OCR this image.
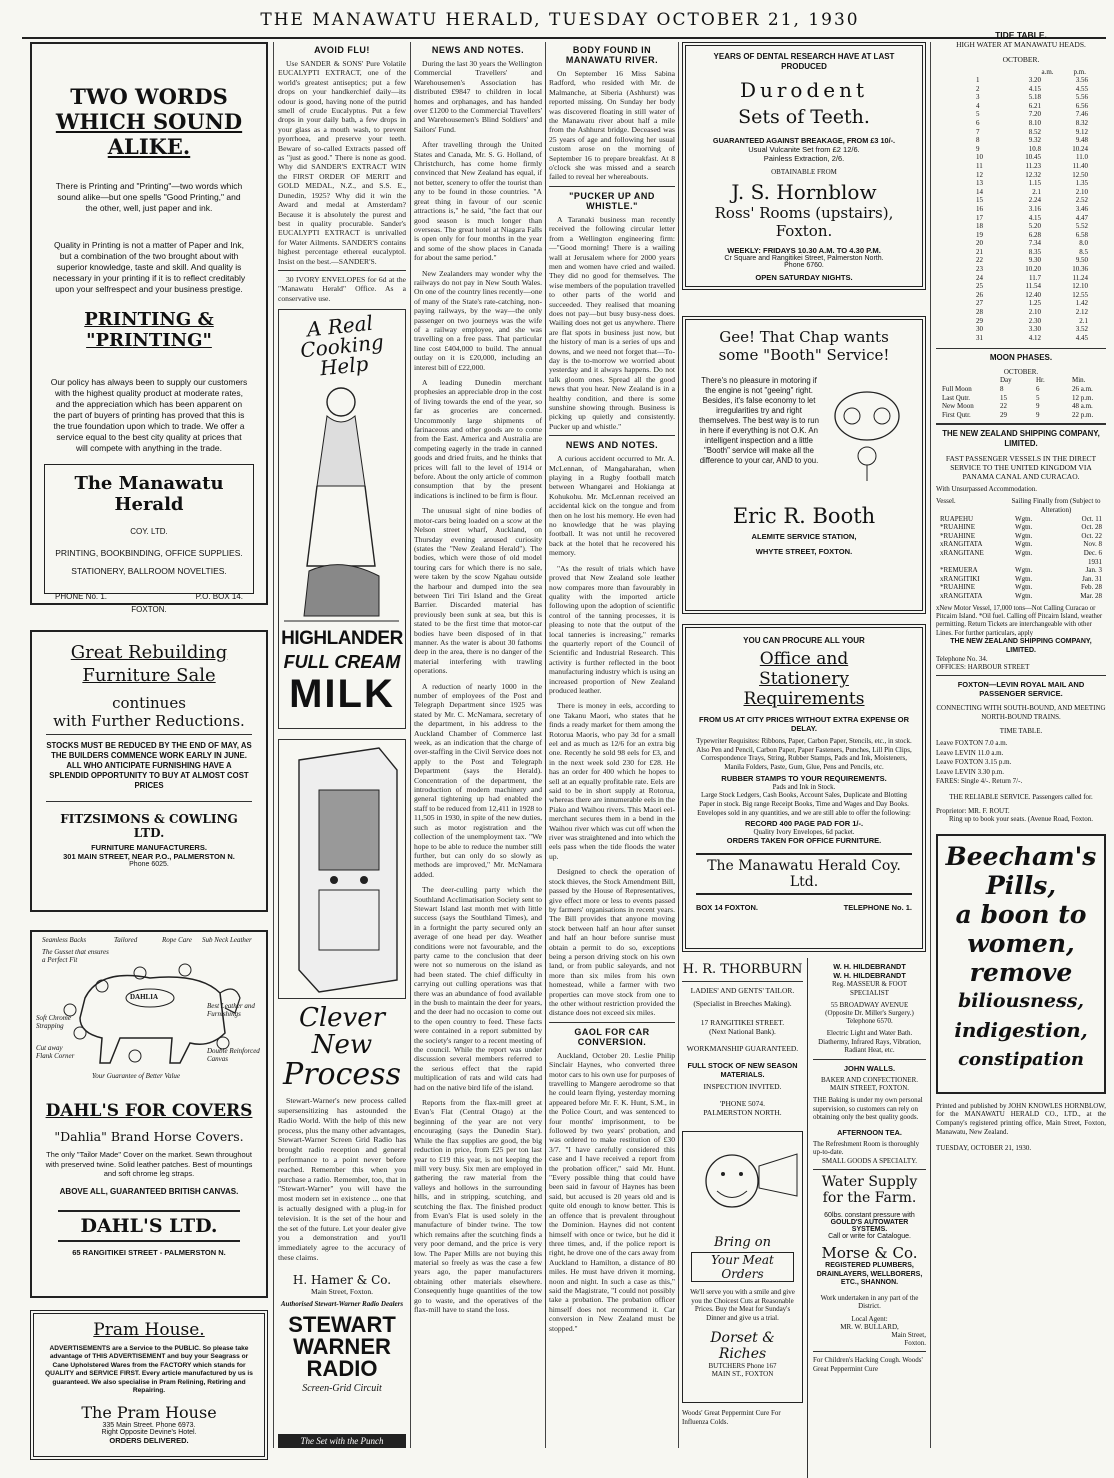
THE MANAWATU HERALD, TUESDAY OCTOBER 21, 1930
TWO WORDS
WHICH SOUND ALIKE.
There is Printing and "Printing"—two words which sound alike—but one spells "Good Printing," and the other, well, just paper and ink.
Quality in Printing is not a matter of Paper and Ink, but a combination of the two brought about with superior knowledge, taste and skill. And quality is necessary in your printing if it is to reflect creditably upon your selfrespect and your business prestige.
PRINTING & "PRINTING"
Our policy has always been to supply our customers with the highest quality product at moderate rates, and the appreciation which has been apparent on the part of buyers of printing has proved that this is the true foundation upon which to trade. We offer a service equal to the best city quality at prices that will compete with anything in the trade.
The Manawatu Herald
COY. LTD.
PRINTING, BOOKBINDING, OFFICE SUPPLIES.
STATIONERY, BALLROOM NOVELTIES.
PHONE No. 1.	P.O. BOX 14.
FOXTON.
Great Rebuilding
Furniture Sale
continues
with Further Reductions.
STOCKS MUST BE REDUCED BY THE END OF MAY, AS THE BUILDERS COMMENCE WORK EARLY IN JUNE. ALL WHO ANTICIPATE FURNISHING HAVE A SPLENDID OPPORTUNITY TO BUY AT ALMOST COST PRICES
FITZSIMONS & COWLING LTD.
FURNITURE MANUFACTURERS.
301 MAIN STREET, NEAR P.O., PALMERSTON N.
Phone 6025.
Seamless Backs	Tailored	Rope Care Sub Neck Leather
The Gusset that ensures a Perfect Fit
Soft Chrome Strapping
Cut away Flank Corner
Best Leather and Furnishings
Double Reinforced Canvas
Your Guarantee of Better Value
DAHLIA
DAHL'S FOR COVERS
"Dahlia" Brand Horse Covers.
The only "Tailor Made" Cover on the market. Sewn throughout with preserved twine. Solid leather patches. Best of mountings and soft chrome leg straps.
ABOVE ALL, GUARANTEED BRITISH CANVAS.
DAHL'S LTD.
65 RANGITIKEI STREET - PALMERSTON N.
Pram House.
ADVERTISEMENTS are a Service to the PUBLIC. So please take advantage of THIS ADVERTISEMENT and buy your Seagrass or Cane Upholstered Wares from the FACTORY which stands for QUALITY and SERVICE FIRST. Every article manufactured by us is guaranteed. We also specialise in Pram Relining, Retiring and Repairing.
The Pram House
335 Main Street. Phone 6973.
Right Opposite Devine's Hotel.
ORDERS DELIVERED.
AVOID FLU!
Use SANDER & SONS' Pure Volatile EUCALYPTI EXTRACT, one of the world's greatest antiseptics; put a few drops on your handkerchief daily—its odour is good, having none of the putrid smell of crude Eucalyptus. Put a few drops in your daily bath, a few drops in your glass as a mouth wash, to prevent pyorrhoea, and preserve your teeth. Beware of so-called Extracts passed off as "just as good." There is none as good. Why did SANDER'S EXTRACT WIN the FIRST ORDER OF MERIT and GOLD MEDAL, N.Z., and S.S. E., Dunedin, 1925? Why did it win the Award and medal at Amsterdam? Because it is absolutely the purest and best in quality procurable. Sander's EUCALYPTI EXTRACT is unrivalled for Water Ailments. SANDER'S contains highest percentage ethereal eucalyptol. Insist on the best.—SANDER'S.
30 IVORY ENVELOPES for 6d at the "Manawatu Herald" Office. As a conservative use.
A Real Cooking Help
HIGHLANDER
FULL CREAM
MILK
Clever New
Process
Stewart-Warner's new process called supersensitizing has astounded the Radio World. With the help of this new process, plus the many other advantages, Stewart-Warner Screen Grid Radio has brought radio reception and general performance to a point never before reached. Remember this when you purchase a radio. Remember, too, that in "Stewart-Warner" you will have the most modern set in existence ... one that is actually designed with a plug-in for television. It is the set of the hour and the set of the future. Let your dealer give you a demonstration and you'll immediately agree to the accuracy of these claims.
H. Hamer & Co.
Main Street, Foxton.
Authorised Stewart-Warner Radio Dealers
STEWART
WARNER
RADIO
Screen-Grid Circuit
The Set with the Punch
NEWS AND NOTES.
During the last 30 years the Wellington Commercial Travellers' and Warehousemen's Association has distributed £9847 to children in local homes and orphanages, and has handed over £1200 to the Commercial Travellers' and Warehousemen's Blind Soldiers' and Sailors' Fund.
After travelling through the United States and Canada, Mr. S. G. Holland, of Christchurch, has come home firmly convinced that New Zealand has equal, if not better, scenery to offer the tourist than any to be found in those countries. "A great thing in favour of our scenic attractions is," he said, "the fact that our good season is much longer than overseas. The great hotel at Niagara Falls is open only for four months in the year and some of the show places in Canada for about the same period."
New Zealanders may wonder why the railways do not pay in New South Wales. On one of the country lines recently—one of many of the State's rate-catching, non-paying railways, by the way—the only passenger on two journeys was the wife of a railway employee, and she was travelling on a free pass. That particular line cost £404,000 to build. The annual outlay on it is £20,000, including an interest bill of £22,000.
A leading Dunedin merchant prophesies an appreciable drop in the cost of living towards the end of the year, so far as groceries are concerned. Uncommonly large shipments of farinaceous and other goods are to come from the East. America and Australia are competing eagerly in the trade in canned goods and dried fruits, and he thinks that prices will fall to the level of 1914 or before. About the only article of common consumption that by the present indications is inclined to be firm is flour.
The unusual sight of nine bodies of motor-cars being loaded on a scow at the Nelson street wharf, Auckland, on Thursday evening aroused curiosity (states the "New Zealand Herald"). The bodies, which were those of old model touring cars for which there is no sale, were taken by the scow Ngahau outside the harbour and dumped into the sea between Tiri Tiri Island and the Great Barrier. Discarded material has previously been sunk at sea, but this is stated to be the first time that motor-car bodies have been disposed of in that manner. As the water is about 30 fathoms deep in the area, there is no danger of the material interfering with trawling operations.
A reduction of nearly 1000 in the number of employees of the Post and Telegraph Department since 1925 was stated by Mr. C. McNamara, secretary of the department, in his address to the Auckland Chamber of Commerce last week, as an indication that the charge of over-staffing in the Civil Service does not apply to the Post and Telegraph Department (says the Herald). Concentration of the department, the introduction of modern machinery and general tightening up had enabled the staff to be reduced from 12,411 in 1928 to 11,505 in 1930, in spite of the new duties, such as motor registration and the collection of the unemployment tax. "We hope to be able to reduce the number still further, but can only do so slowly as methods are improved," Mr. McNamara added.
The deer-culling party which the Southland Acclimatisation Society sent to Stewart Island last month met with little success (says the Southland Times), and in a fortnight the party secured only an average of one head per day. Weather conditions were not favourable, and the party came to the conclusion that deer were not so numerous on the island as had been stated. The chief difficulty in carrying out culling operations was that there was an abundance of food available in the bush to maintain the deer for years, and the deer had no occasion to come out to the open country to feed. These facts were contained in a report submitted by the society's ranger to a recent meeting of the council. While the report was under discussion several members referred to the serious effect that the rapid multiplication of rats and wild cats had had on the native bird life of the island.
Reports from the flax-mill greet at Evan's Flat (Central Otago) at the beginning of the year are not very encouraging (says the Dunedin Star). While the flax supplies are good, the big reduction in price, from £25 per ton last year to £19 this year, is not keeping the mill very busy. Six men are employed in gathering the raw material from the valleys and hollows in the surrounding hills, and in stripping, scutching, and scutching the flax. The finished product from Evan's Flat is used solely in the manufacture of binder twine. The tow which remains after the scutching finds a very poor demand, and the price is very low. The Paper Mills are not buying this material so freely as was the case a few years ago, the paper manufacturers obtaining other materials elsewhere. Consequently huge quantities of the tow go to waste, and the operatives of the flax-mill have to stand the loss.
BODY FOUND IN MANAWATU RIVER.
On September 16 Miss Sabina Radford, who resided with Mr. de Malmanche, at Siberia (Ashhurst) was reported missing. On Sunday her body was discovered floating in still water of the Manawatu river about half a mile from the Ashhurst bridge. Deceased was 25 years of age and following her usual custom arose on the morning of September 16 to prepare breakfast. At 8 o'clock she was missed and a search failed to reveal her whereabouts.
"PUCKER UP AND WHISTLE."
A Taranaki business man recently received the following circular letter from a Wellington engineering firm:—"Good morning! There is a wailing wall at Jerusalem where for 2000 years men and women have cried and wailed. They did no good for themselves. The wise members of the population travelled to other parts of the world and succeeded. They realised that moaning does not pay—but busy busy-ness does. Wailing does not get us anywhere. There are flat spots in business just now, but the history of man is a series of ups and downs, and we need not forget that—To-day is the to-morrow we worried about yesterday and it always happens. Do not talk gloom ones. Spread all the good news that you hear. New Zealand is in a healthy condition, and there is some sunshine showing through. Business is picking up quietly and consistently. Pucker up and whistle."
NEWS AND NOTES.
A curious accident occurred to Mr. A. McLennan, of Mangaharahan, when playing in a Rugby football match between Whangarei and Hokianga at Kohukohu. Mr. McLennan received an accidental kick on the tongue and from then on he lost his memory. He even had no knowledge that he was playing football. It was not until he recovered back at the hotel that he recovered his memory.
"As the result of trials which have proved that New Zealand sole leather now compares more than favourably in quality with the imported article following upon the adoption of scientific control of the tanning processes, it is pleasing to note that the output of the local tanneries is increasing," remarks the quarterly report of the Council of Scientific and Industrial Research. This activity is further reflected in the boot manufacturing industry which is using an increased proportion of New Zealand produced leather.
There is money in eels, according to one Takanu Maori, who states that he finds a ready market for them among the Rotorua Maoris, who pay 3d for a small eel and as much as 12/6 for an extra big one. Recently he sold 98 eels for £3, and in the next week sold 230 for £28. He has an order for 400 which he hopes to sell at an equally profitable rate. Eels are said to be in short supply at Rotorua, whereas there are innumerable eels in the Piako and Waihou rivers. This Maori eel-merchant secures them in a bend in the Waihou river which was cut off when the river was straightened and into which the eels pass when the tide floods the water up.
Designed to check the operation of stock thieves, the Stock Amendment Bill, passed by the House of Representatives, give effect more or less to events passed by farmers' organisations in recent years. The Bill provides that anyone moving stock between half an hour after sunset and half an hour before sunrise must obtain a permit to do so, exceptions being a person driving stock on his own land, or from public saleyards, and not more than six miles from his own homestead, while a farmer with two properties can move stock from one to the other without restriction provided the distance does not exceed six miles.
GAOL FOR CAR CONVERSION.
Auckland, October 20. Leslie Philip Sinclair Haynes, who converted three motor cars to his own use for purposes of travelling to Mangere aerodrome so that he could learn flying, yesterday morning appeared before Mr. F. K. Hunt, S.M., in the Police Court, and was sentenced to four months' imprisonment, to be followed by two years' probation, and was ordered to make restitution of £30 3/7. "I have carefully considered this case and I have received a report from the probation officer," said Mr. Hunt. "Every possible thing that could have been said in favour of Haynes has been said, but accused is 20 years old and is quite old enough to know better. This is an offence that is prevalent throughout the Dominion. Haynes did not content himself with once or twice, but he did it three times, and, if the police report is right, he drove one of the cars away from Auckland to Hamilton, a distance of 80 miles. He must have driven it morning, noon and night. In such a case as this," said the Magistrate, "I could not possibly take a probation. The probation officer himself does not recommend it. Car conversion in New Zealand must be stopped."
YEARS OF DENTAL RESEARCH HAVE AT LAST PRODUCED
Durodent
Sets of Teeth.
GUARANTEED AGAINST BREAKAGE, FROM £3 10/-.
Usual Vulcanite Set from £2 12/6.
Painless Extraction, 2/6.
OBTAINABLE FROM
J. S. Hornblow
Ross' Rooms (upstairs),
Foxton.
WEEKLY: FRIDAYS 10.30 A.M. TO 4.30 P.M.
Cr Square and Rangitikei Street, Palmerston North.
Phone 6760.
OPEN SATURDAY NIGHTS.
Gee! That Chap wants
some "Booth" Service!
There's no pleasure in motoring if the engine is not "geeing" right. Besides, it's false economy to let irregularities try and right themselves. The best way is to run in here if everything is not O.K. An intelligent inspection and a little "Booth" service will make all the difference to your car, AND to you.
Eric R. Booth
ALEMITE SERVICE STATION,
WHYTE STREET, FOXTON.
YOU CAN PROCURE ALL YOUR
Office and
Stationery Requirements
FROM US AT CITY PRICES WITHOUT EXTRA EXPENSE OR DELAY.
Typewriter Requisites: Ribbons, Paper, Carbon Paper, Stencils, etc., in stock. Also Pen and Pencil, Carbon Paper, Paper Fasteners, Punches, Lill Pin Clips, Correspondence Trays, String, Rubber Stamps, Pads and Ink, Moisteners, Manila Folders, Paste, Gum, Glue, Pens and Pencils, etc.
RUBBER STAMPS TO YOUR REQUIREMENTS.
Pads and Ink in Stock.
Large Stock Ledgers, Cash Books, Account Sales, Duplicate and Blotting Paper in stock. Big range Receipt Books, Time and Wages and Day Books. Envelopes sold in any quantities, and we are still able to offer the following:
RECORD 400 PAGE PAD FOR 1/-.
Quality Ivory Envelopes, 6d packet.
ORDERS TAKEN FOR OFFICE FURNITURE.
The Manawatu Herald Coy.
Ltd.
BOX 14 FOXTON.	TELEPHONE No. 1.
H. R. THORBURN
LADIES' AND GENTS' TAILOR.
(Specialist in Breeches Making).
17 RANGITIKEI STREET.
(Next National Bank).
WORKMANSHIP GUARANTEED.
FULL STOCK OF NEW SEASON MATERIALS.
INSPECTION INVITED.
'PHONE 5074.
PALMERSTON NORTH.
Bring on
Your Meat Orders
We'll serve you with a smile and give you the Choicest Cuts at Reasonable Prices. Buy the Meat for Sunday's Dinner and give us a trial.
Dorset & Riches
BUTCHERS Phone 167
MAIN ST., FOXTON
Woods' Great Peppermint Cure For Influenza Colds.
W. H. HILDEBRANDT
W. H. HILDEBRANDT
Reg. MASSEUR & FOOT SPECIALIST
55 BROADWAY AVENUE
(Opposite Dr. Miller's Surgery.)
Telephone 6570.
Electric Light and Water Bath. Diathermy, Infrared Rays, Vibration, Radiant Heat, etc.
JOHN WALLS.
BAKER AND CONFECTIONER.
MAIN STREET, FOXTON.
THE Baking is under my own personal supervision, so customers can rely on obtaining only the best quality goods.
AFTERNOON TEA.
The Refreshment Room is thoroughly up-to-date.
SMALL GOODS A SPECIALTY.
Water Supply
for the Farm.
60lbs. constant pressure with
GOULD'S AUTOWATER SYSTEMS.
Call or write for Catalogue.
Morse & Co.
REGISTERED PLUMBERS, DRAINLAYERS, WELLBORERS, ETC., SHANNON.
Work undertaken in any part of the District.
Local Agent:
MR. W. BULLARD,
Main Street,
Foxton.
For Children's Hacking Cough. Woods' Great Peppermint Cure
TIDE TABLE.
HIGH WATER AT MANAWATU HEADS.
OCTOBER.
a.m.	p.m.
1	3.20	3.56
2	4.15	4.55
3	5.18	5.56
4	6.21	6.56
5	7.20	7.46
6	8.10	8.32
7	8.52	9.12
8	9.32	9.48
9	10.8	10.24
10	10.45	11.0
11	11.23	11.40
12	12.32	12.50
13	1.15	1.35
14	2.1	2.10
15	2.24	2.52
16	3.16	3.46
17	4.15	4.47
18	5.20	5.52
19	6.28	6.58
20	7.34	8.0
21	8.35	8.5
22	9.30	9.50
23	10.20	10.36
24	11.7	11.24
25	11.54	12.10
26	12.40	12.55
27	1.25	1.42
28	2.10	2.12
29	2.30	2.1
30	3.30	3.52
31	4.12	4.45
MOON PHASES.
OCTOBER.
Day	Hr.	Min.
Full Moon	8	6	26 a.m.
Last Qutr.	15	5	12 p.m.
New Moon	22	9	48 a.m.
First Qutr.	29	9	22 p.m.
THE NEW ZEALAND SHIPPING COMPANY, LIMITED.
FAST PASSENGER VESSELS IN THE DIRECT SERVICE TO THE UNITED KINGDOM VIA PANAMA CANAL AND CURACAO.
With Unsurpassed Accommodation.
Vessel.	Sailing Finally from (Subject to Alteration)
RUAPEHU	Wgtn.	Oct. 11
*RUAHINE	Wgtn.	Oct. 28
*RUAHINE	Wgtn.	Oct. 22
xRANGITATA	Wgtn.	Nov. 8
xRANGITANE	Wgtn.	Dec. 6
1931
*REMUERA	Wgtn.	Jan. 3
xRANGITIKI	Wgtn.	Jan. 31
*RUAHINE	Wgtn.	Feb. 28
xRANGITATA	Wgtn.	Mar. 28
xNew Motor Vessel, 17,000 tons—Not Calling Curacao or Pitcairn Island. *Oil fuel. Calling off Pitcairn Island, weather permitting. Return Tickets are interchangeable with other Lines. For further particulars, apply
THE NEW ZEALAND SHIPPING COMPANY, LIMITED.
Telephone No. 34.
OFFICES: HARBOUR STREET
FOXTON—LEVIN ROYAL MAIL AND PASSENGER SERVICE.
CONNECTING WITH SOUTH-BOUND, AND MEETING NORTH-BOUND TRAINS.
TIME TABLE.
Leave FOXTON 7.0 a.m.
Leave LEVIN 11.0 a.m.
Leave FOXTON 3.15 p.m.
Leave LEVIN 3.30 p.m.
FARES: Single 4/-. Return 7/-.
THE RELIABLE SERVICE. Passengers called for.
Proprietor: MR. F. ROUT.
Ring up to book your seats. (Avenue Road, Foxton.
Beecham's
Pills,
a boon to
women,
remove
biliousness,
indigestion,
constipation
Printed and published by JOHN KNOWLES HORNBLOW, for the MANAWATU HERALD CO., LTD., at the Company's registered printing office, Main Street, Foxton, Manawatu, New Zealand.
TUESDAY, OCTOBER 21, 1930.
